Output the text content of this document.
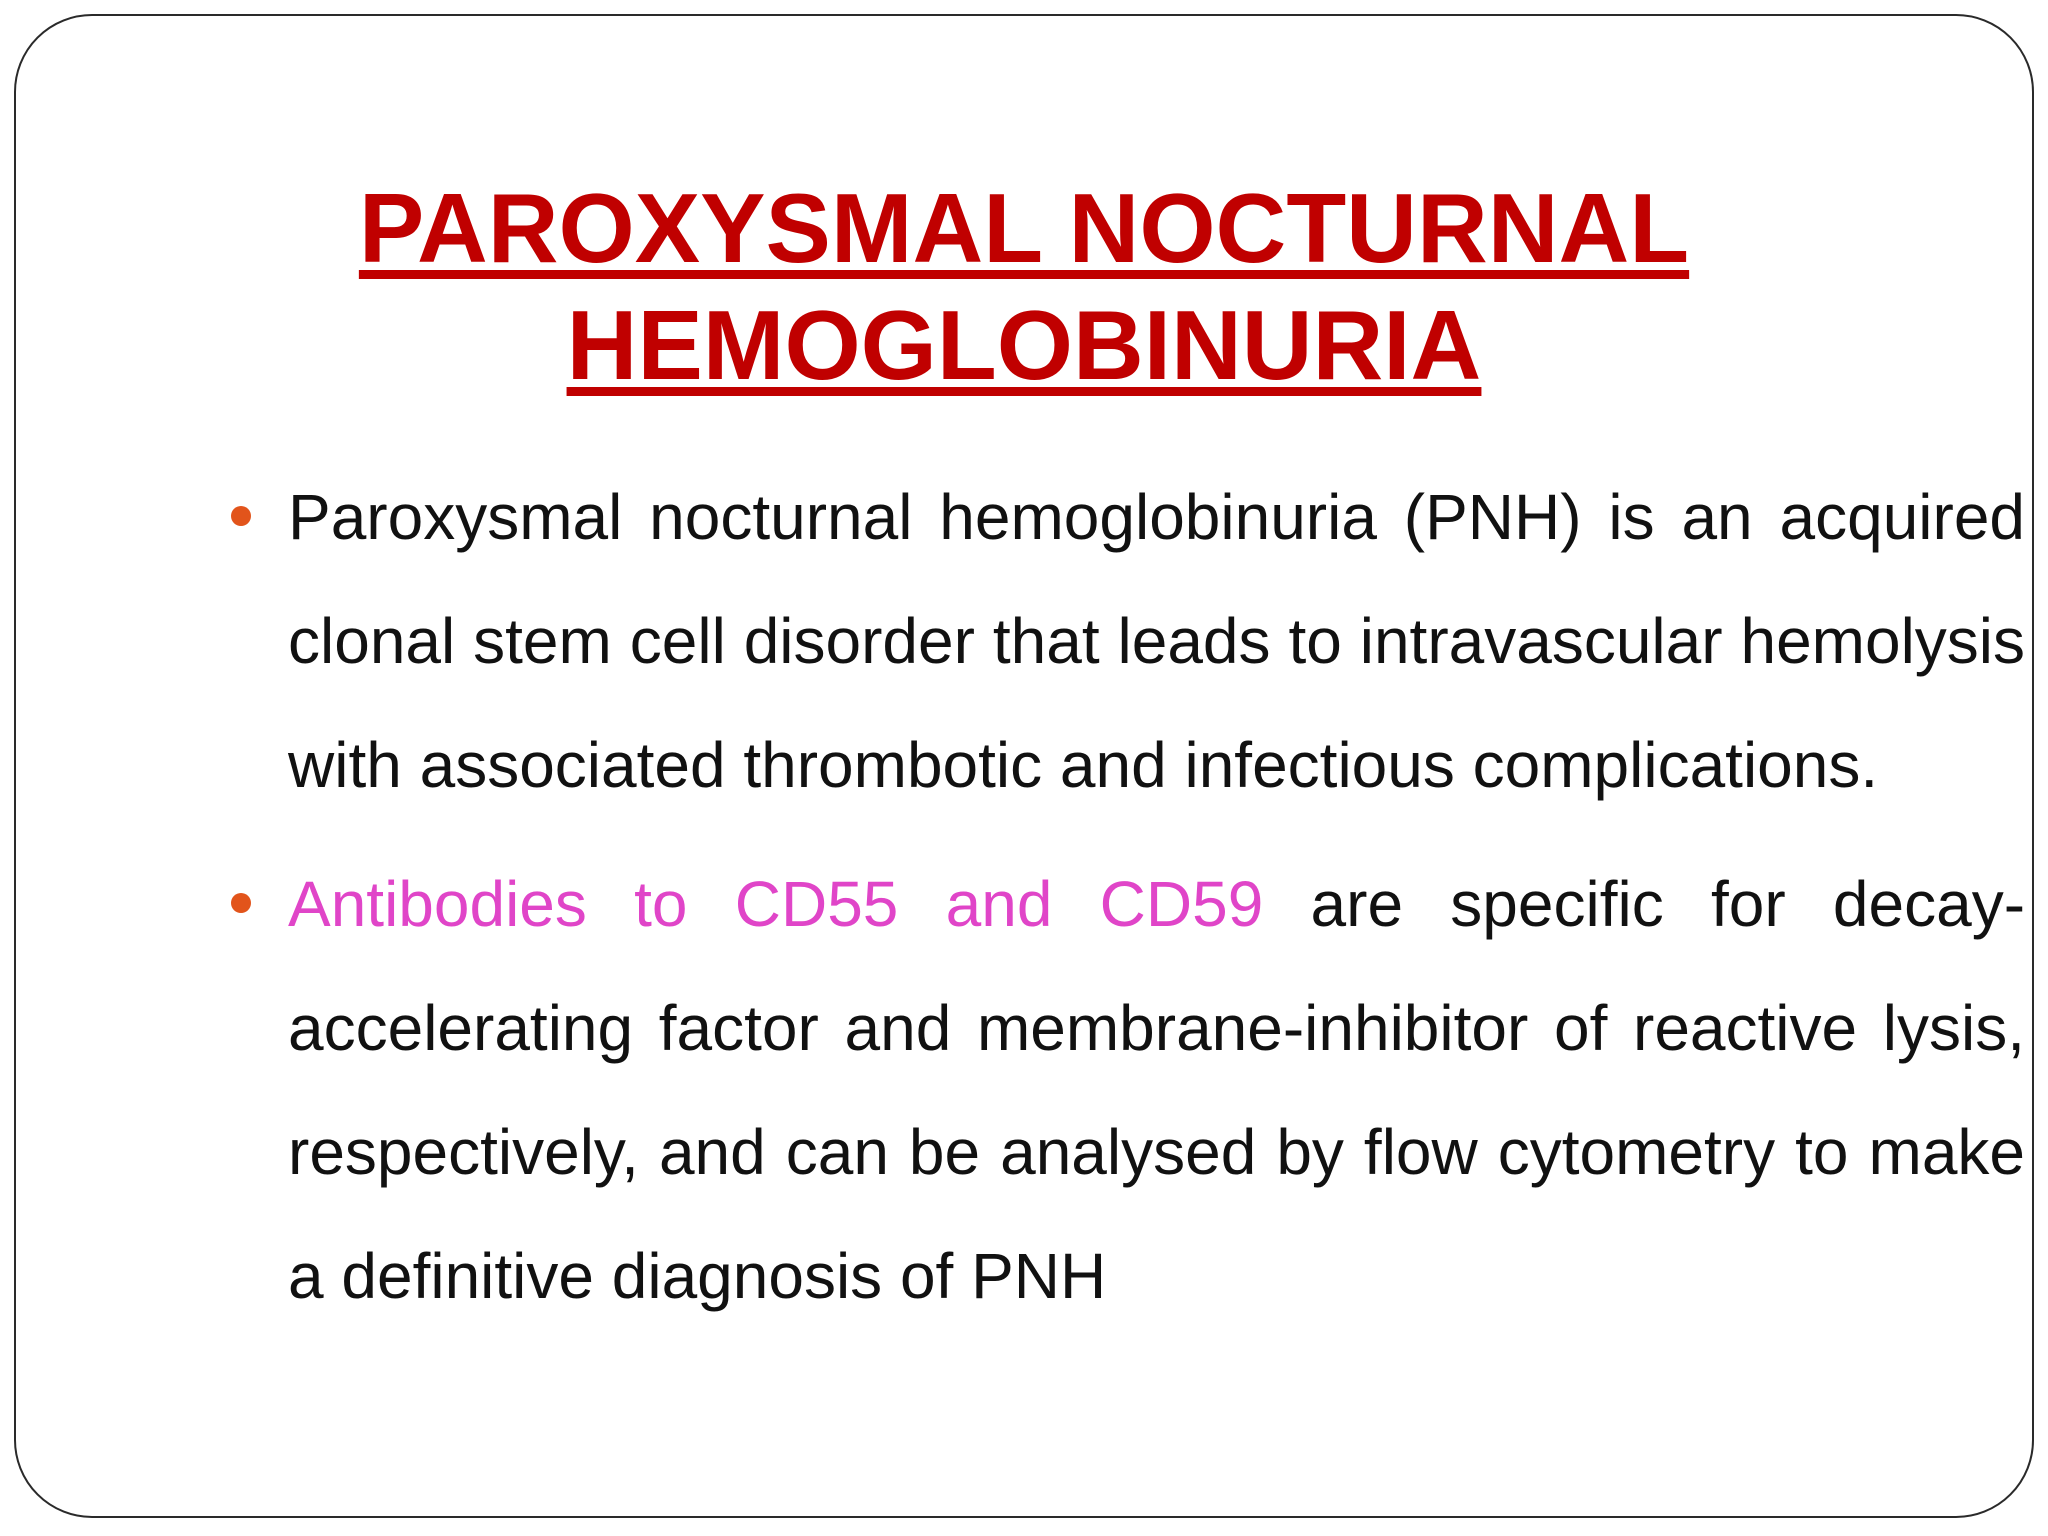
PAROXYSMAL NOCTURNAL
HEMOGLOBINURIA
Paroxysmal nocturnal hemoglobinuria (PNH) is an acquired clonal stem cell disorder that leads to intravascular hemolysis with associated thrombotic and infectious complications.
Antibodies to CD55 and CD59 are specific for decay-accelerating factor and membrane-inhibitor of reactive lysis, respectively, and can be analysed by flow cytometry to make a definitive diagnosis of PNH
